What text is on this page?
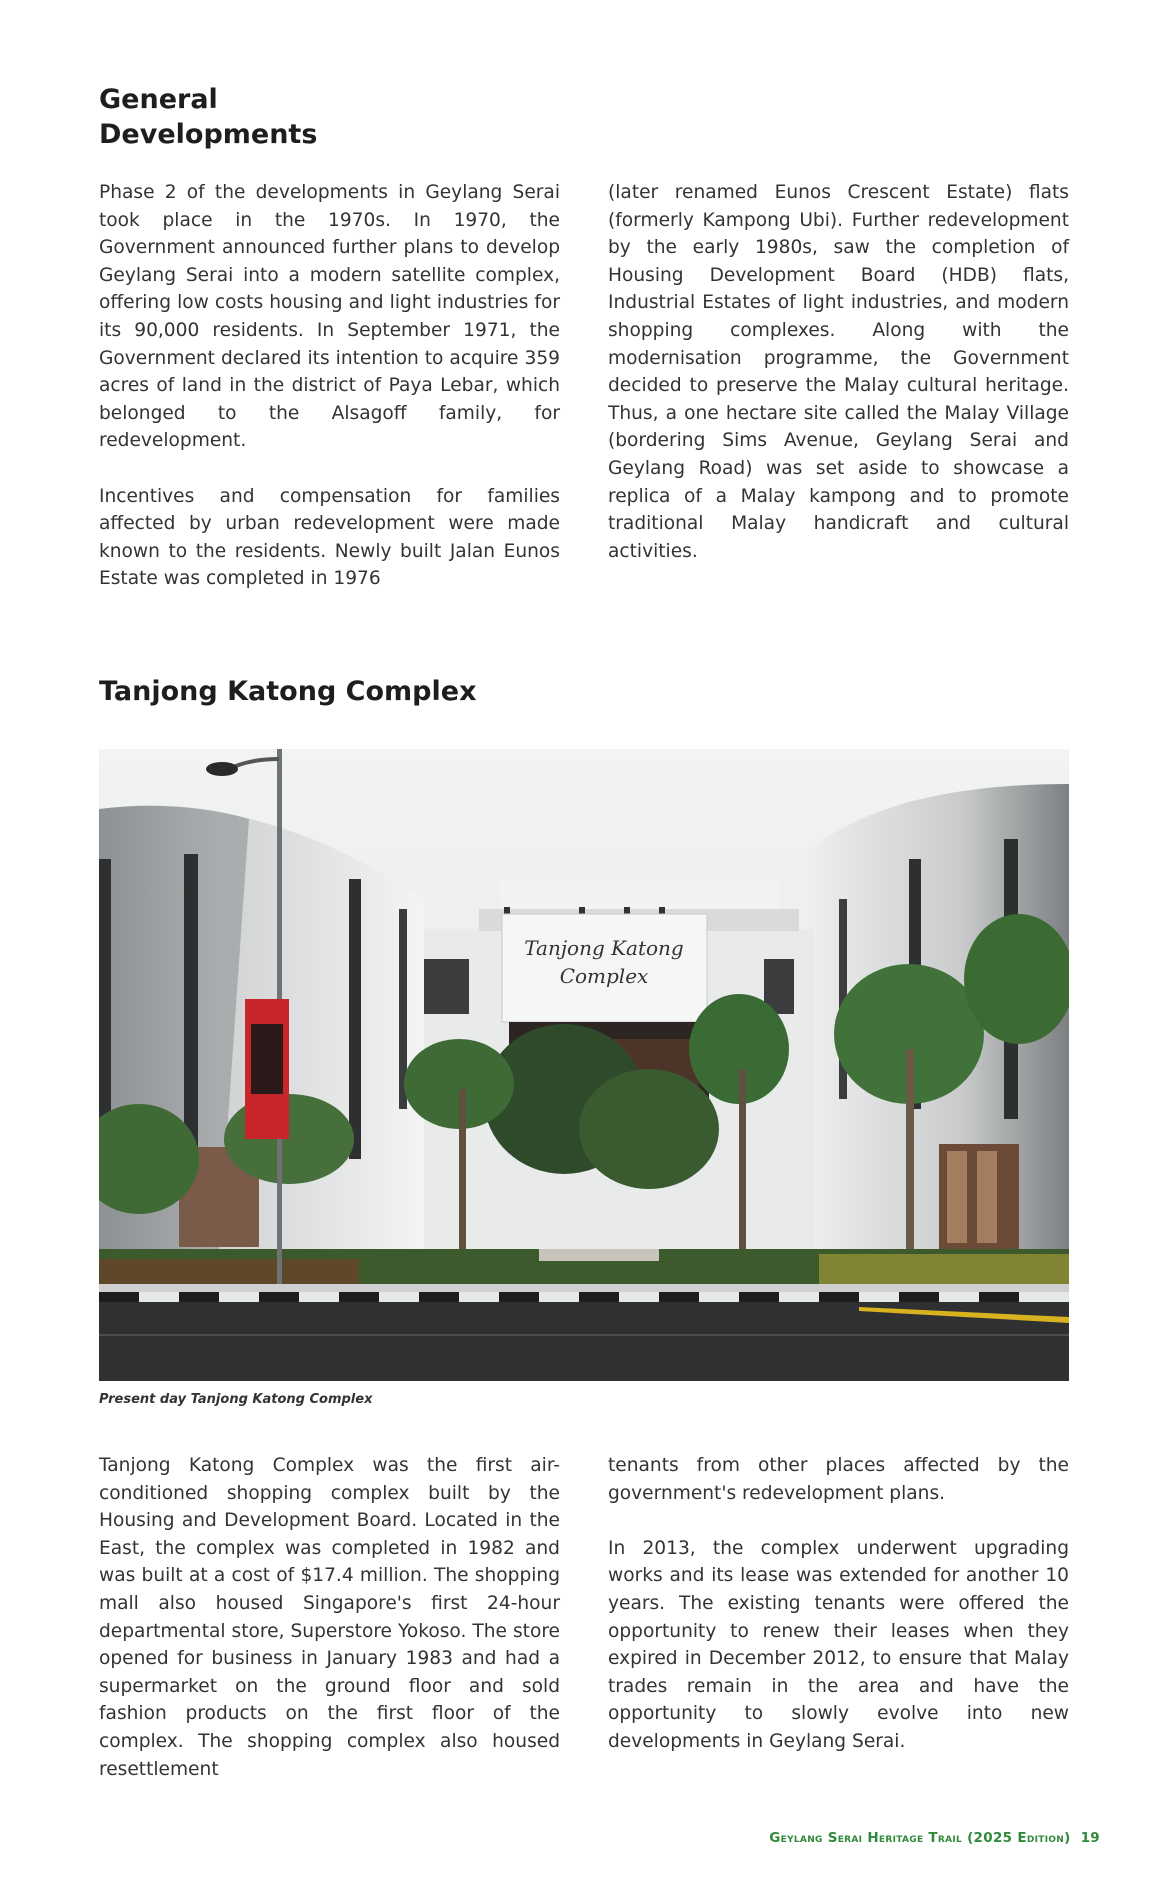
General
Developments

Phase 2 of the developments in Geylang Serai took place in the 1970s. In 1970, the Government announced further plans to develop Geylang Serai into a modern satellite complex, offering low costs housing and light industries for its 90,000 residents. In September 1971, the Government declared its intention to acquire 359 acres of land in the district of Paya Lebar, which belonged to the Alsagoff family, for redevelopment.

Incentives and compensation for families affected by urban redevelopment were made known to the residents. Newly built Jalan Eunos Estate was completed in 1976

(later renamed Eunos Crescent Estate) flats (formerly Kampong Ubi). Further redevelopment by the early 1980s, saw the completion of Housing Development Board (HDB) flats, Industrial Estates of light industries, and modern shopping complexes. Along with the modernisation programme, the Government decided to preserve the Malay cultural heritage. Thus, a one hectare site called the Malay Village (bordering Sims Avenue, Geylang Serai and Geylang Road) was set aside to showcase a replica of a Malay kampong and to promote traditional Malay handicraft and cultural activities.

Tanjong Katong Complex
Tanjong Katong
Complex
Present day Tanjong Katong Complex

Tanjong Katong Complex was the first air-conditioned shopping complex built by the Housing and Development Board. Located in the East, the complex was completed in 1982 and was built at a cost of $17.4 million. The shopping mall also housed Singapore's first 24-hour departmental store, Superstore Yokoso. The store opened for business in January 1983 and had a supermarket on the ground floor and sold fashion products on the first floor of the complex. The shopping complex also housed resettlement

tenants from other places affected by the government's redevelopment plans.

In 2013, the complex underwent upgrading works and its lease was extended for another 10 years. The existing tenants were offered the opportunity to renew their leases when they expired in December 2012, to ensure that Malay trades remain in the area and have the opportunity to slowly evolve into new developments in Geylang Serai.

Geylang Serai Heritage Trail (2025 Edition) 19
